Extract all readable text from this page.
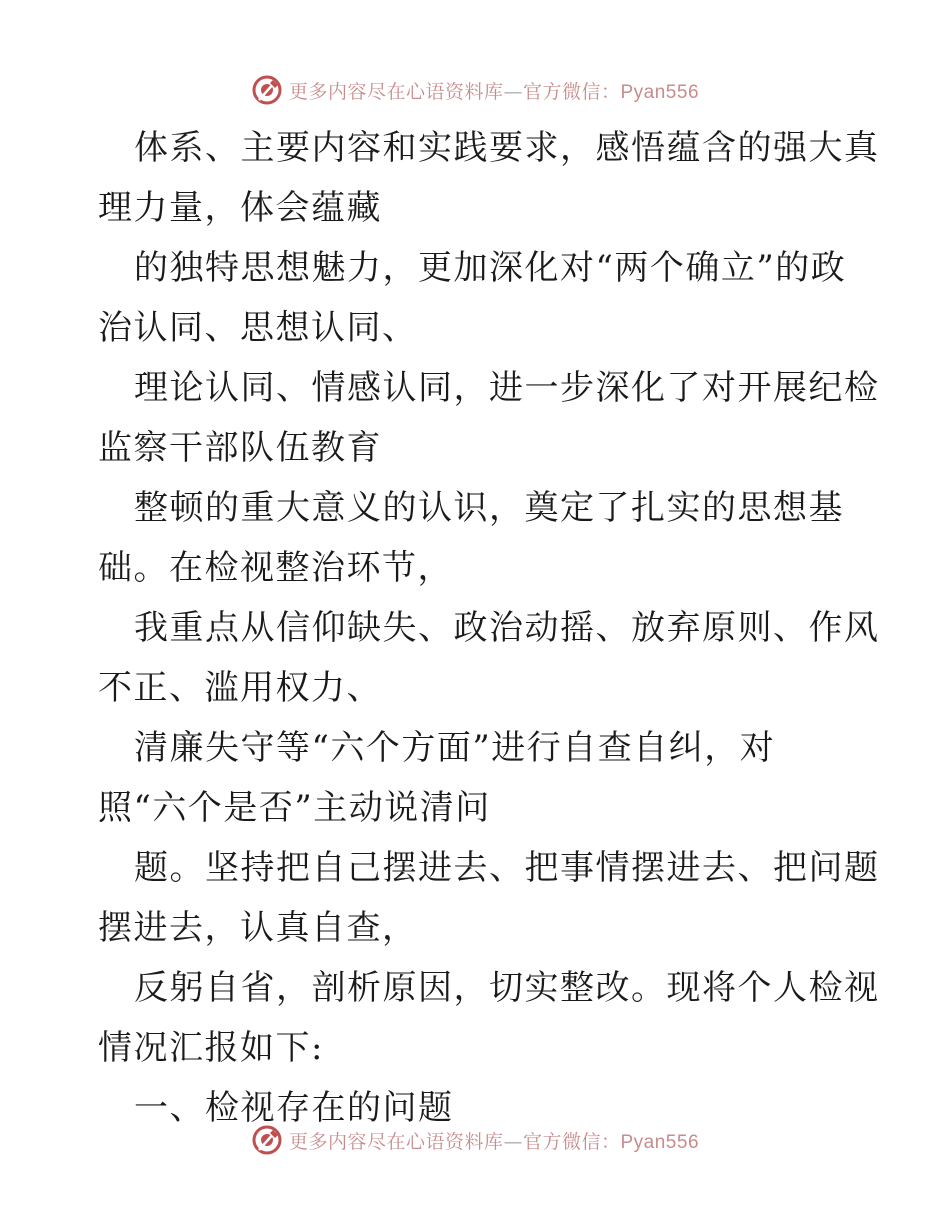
更多内容尽在心语资料库—官方微信：Pyan556
体系、主要内容和实践要求，感悟蕴含的强大真
理力量，体会蕴藏
的独特思想魅力，更加深化对“两个确立”的政
治认同、思想认同、
理论认同、情感认同，进一步深化了对开展纪检
监察干部队伍教育
整顿的重大意义的认识，奠定了扎实的思想基
础。在检视整治环节，
我重点从信仰缺失、政治动摇、放弃原则、作风
不正、滥用权力、
清廉失守等“六个方面”进行自查自纠，对
照“六个是否”主动说清问
题。坚持把自己摆进去、把事情摆进去、把问题
摆进去，认真自查，
反躬自省，剖析原因，切实整改。现将个人检视
情况汇报如下:
一、检视存在的问题
更多内容尽在心语资料库—官方微信：Pyan556
